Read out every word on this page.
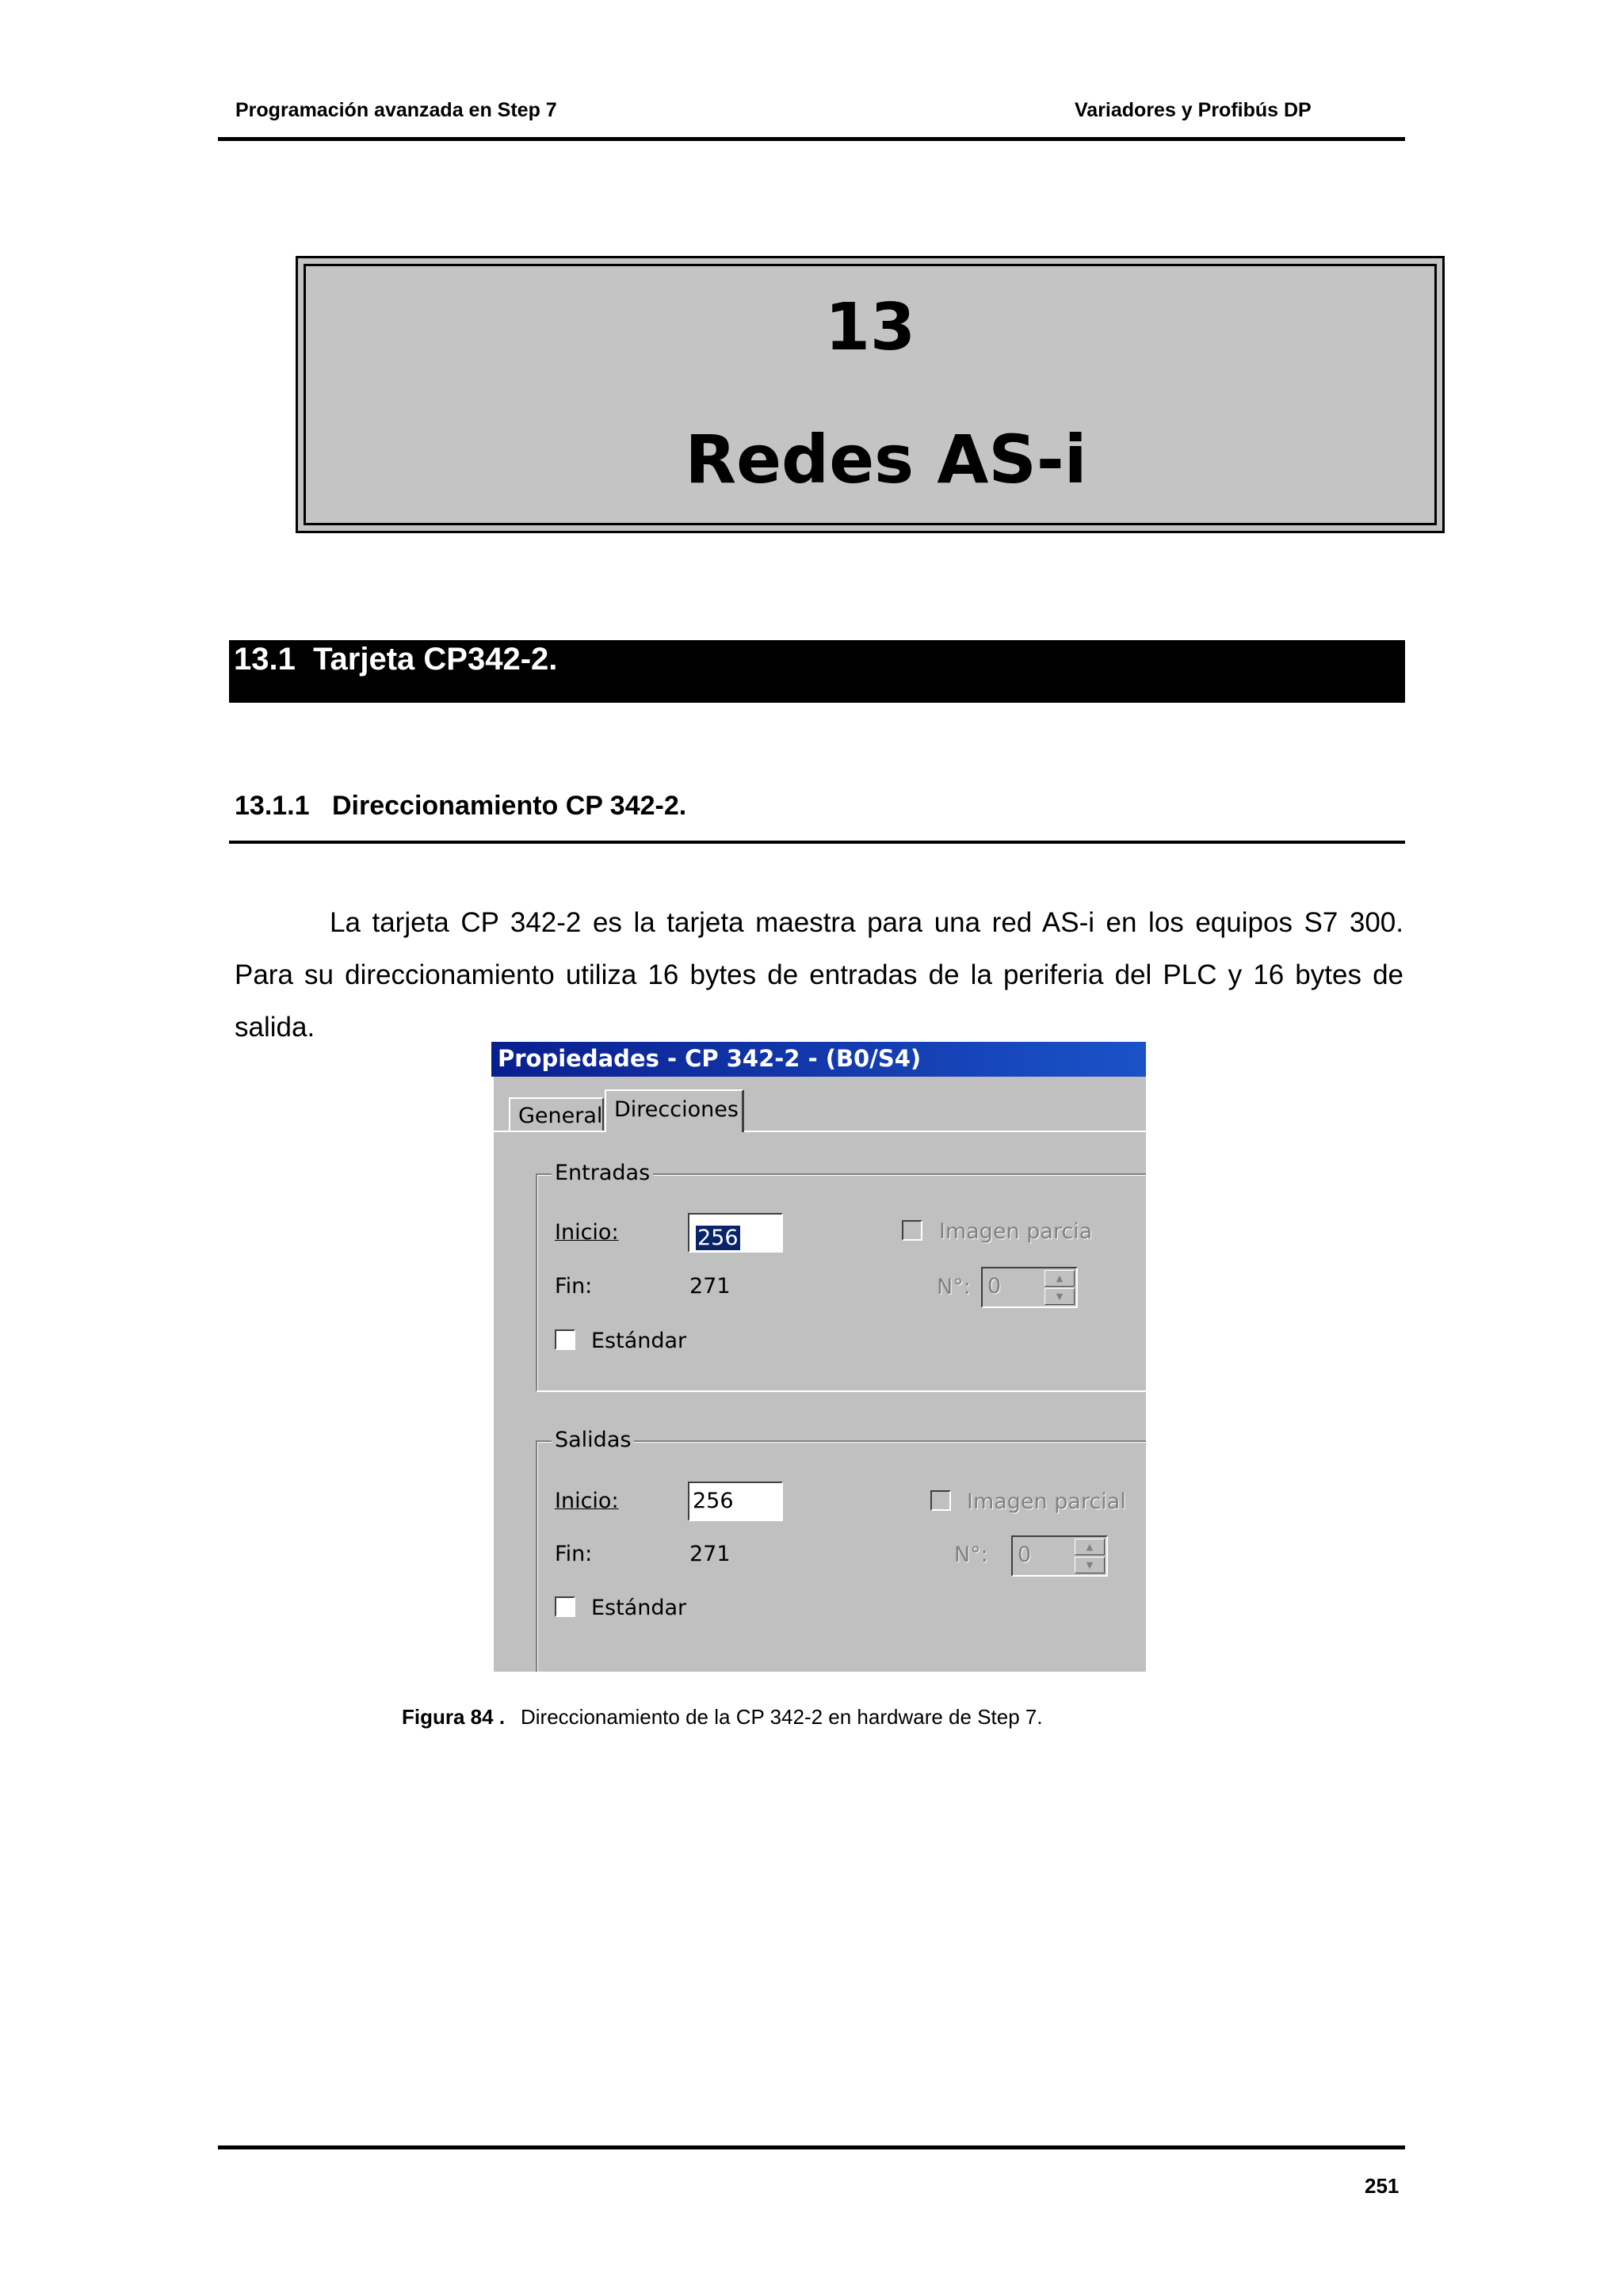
Programación avanzada en Step 7	Variadores y Profibús DP
13
Redes AS-i
13.1  Tarjeta CP342-2.
13.1.1 Direccionamiento CP 342-2.
La tarjeta CP 342-2 es la tarjeta maestra para una red AS-i en los equipos S7 300. Para su direccionamiento utiliza 16 bytes de entradas de la periferia del PLC y 16 bytes de salida.
Propiedades - CP 342-2 - (B0/S4)
General Direcciones
Entradas
Inicio:	256
Fin:	271
Estándar
Imagen parcia
N°: 0	▲
▼
Salidas
Inicio:	256
Fin:	271
Estándar
Imagen parcial
N°: 0	▲
▼
Figura 84 . Direccionamiento de la CP 342-2 en hardware de Step 7.
251
